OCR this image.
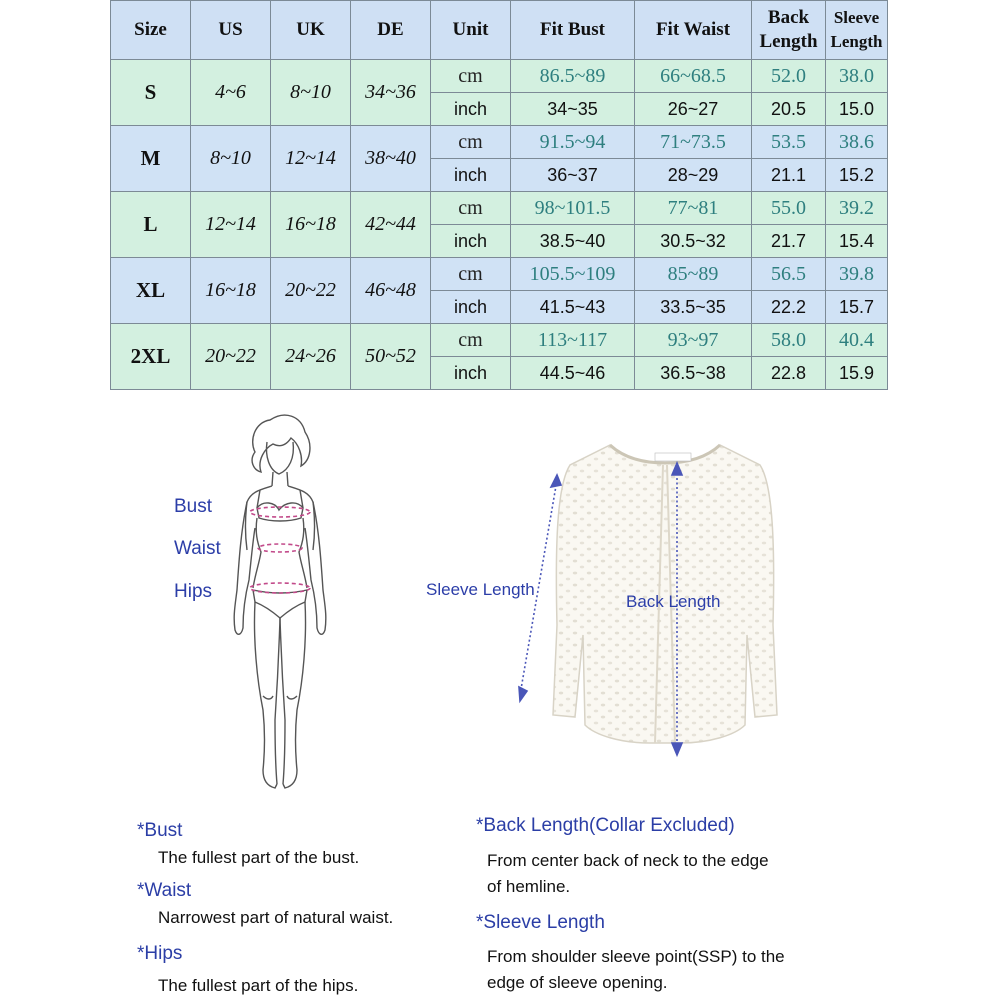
Size	US	UK	DE	Unit	Fit Bust	Fit Waist	Back Length	Sleeve Length
S	4~6	8~10	34~36	cm	86.5~89	66~68.5	52.0	38.0
				inch	34~35	26~27	20.5	15.0
M	8~10	12~14	38~40	cm	91.5~94	71~73.5	53.5	38.6
				inch	36~37	28~29	21.1	15.2
L	12~14	16~18	42~44	cm	98~101.5	77~81	55.0	39.2
				inch	38.5~40	30.5~32	21.7	15.4
XL	16~18	20~22	46~48	cm	105.5~109	85~89	56.5	39.8
				inch	41.5~43	33.5~35	22.2	15.7
2XL	20~22	24~26	50~52	cm	113~117	93~97	58.0	40.4
				inch	44.5~46	36.5~38	22.8	15.9
Bust
Waist
Hips	Sleeve Length
Back Length
*Bust
The fullest part of the bust.
*Waist
Narrowest part of natural waist.
*Hips
The fullest part of the hips.
*Back Length(Collar Excluded)
From center back of neck to the edge
of hemline.
*Sleeve Length
From shoulder sleeve point(SSP) to the
edge of sleeve opening.
